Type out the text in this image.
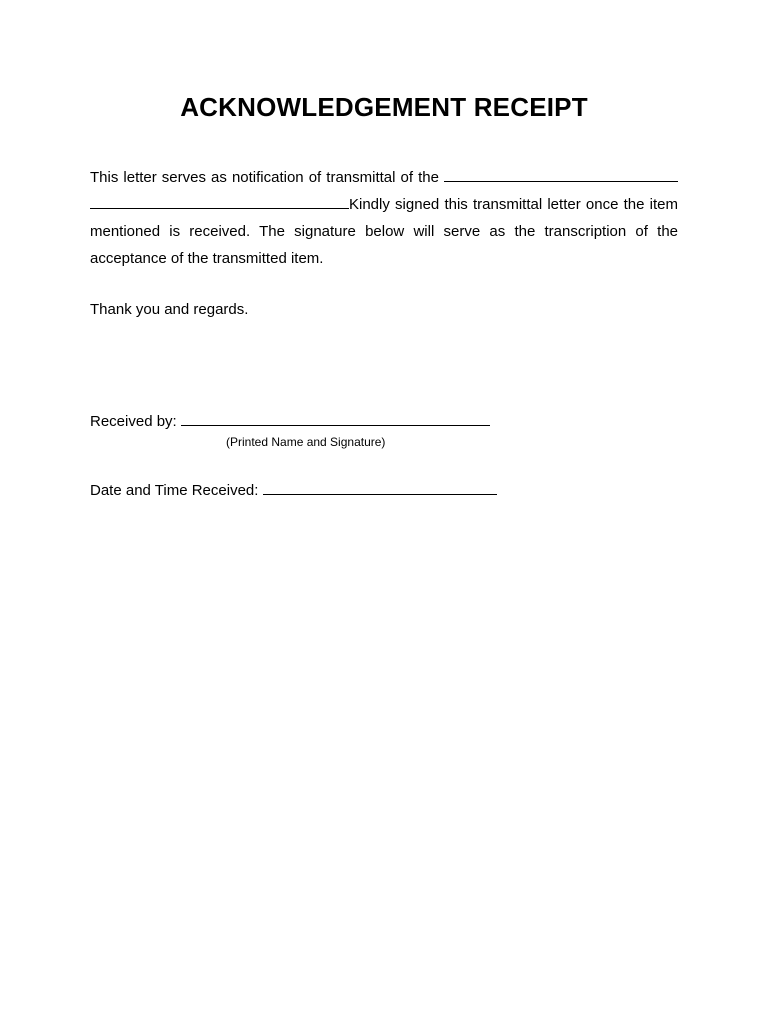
ACKNOWLEDGEMENT RECEIPT

This letter serves as notification of transmittal of the  Kindly signed this transmittal letter once the item mentioned is received. The signature below will serve as the transcription of the acceptance of the transmitted item.

Thank you and regards.

Received by:
(Printed Name and Signature)
Date and Time Received:
